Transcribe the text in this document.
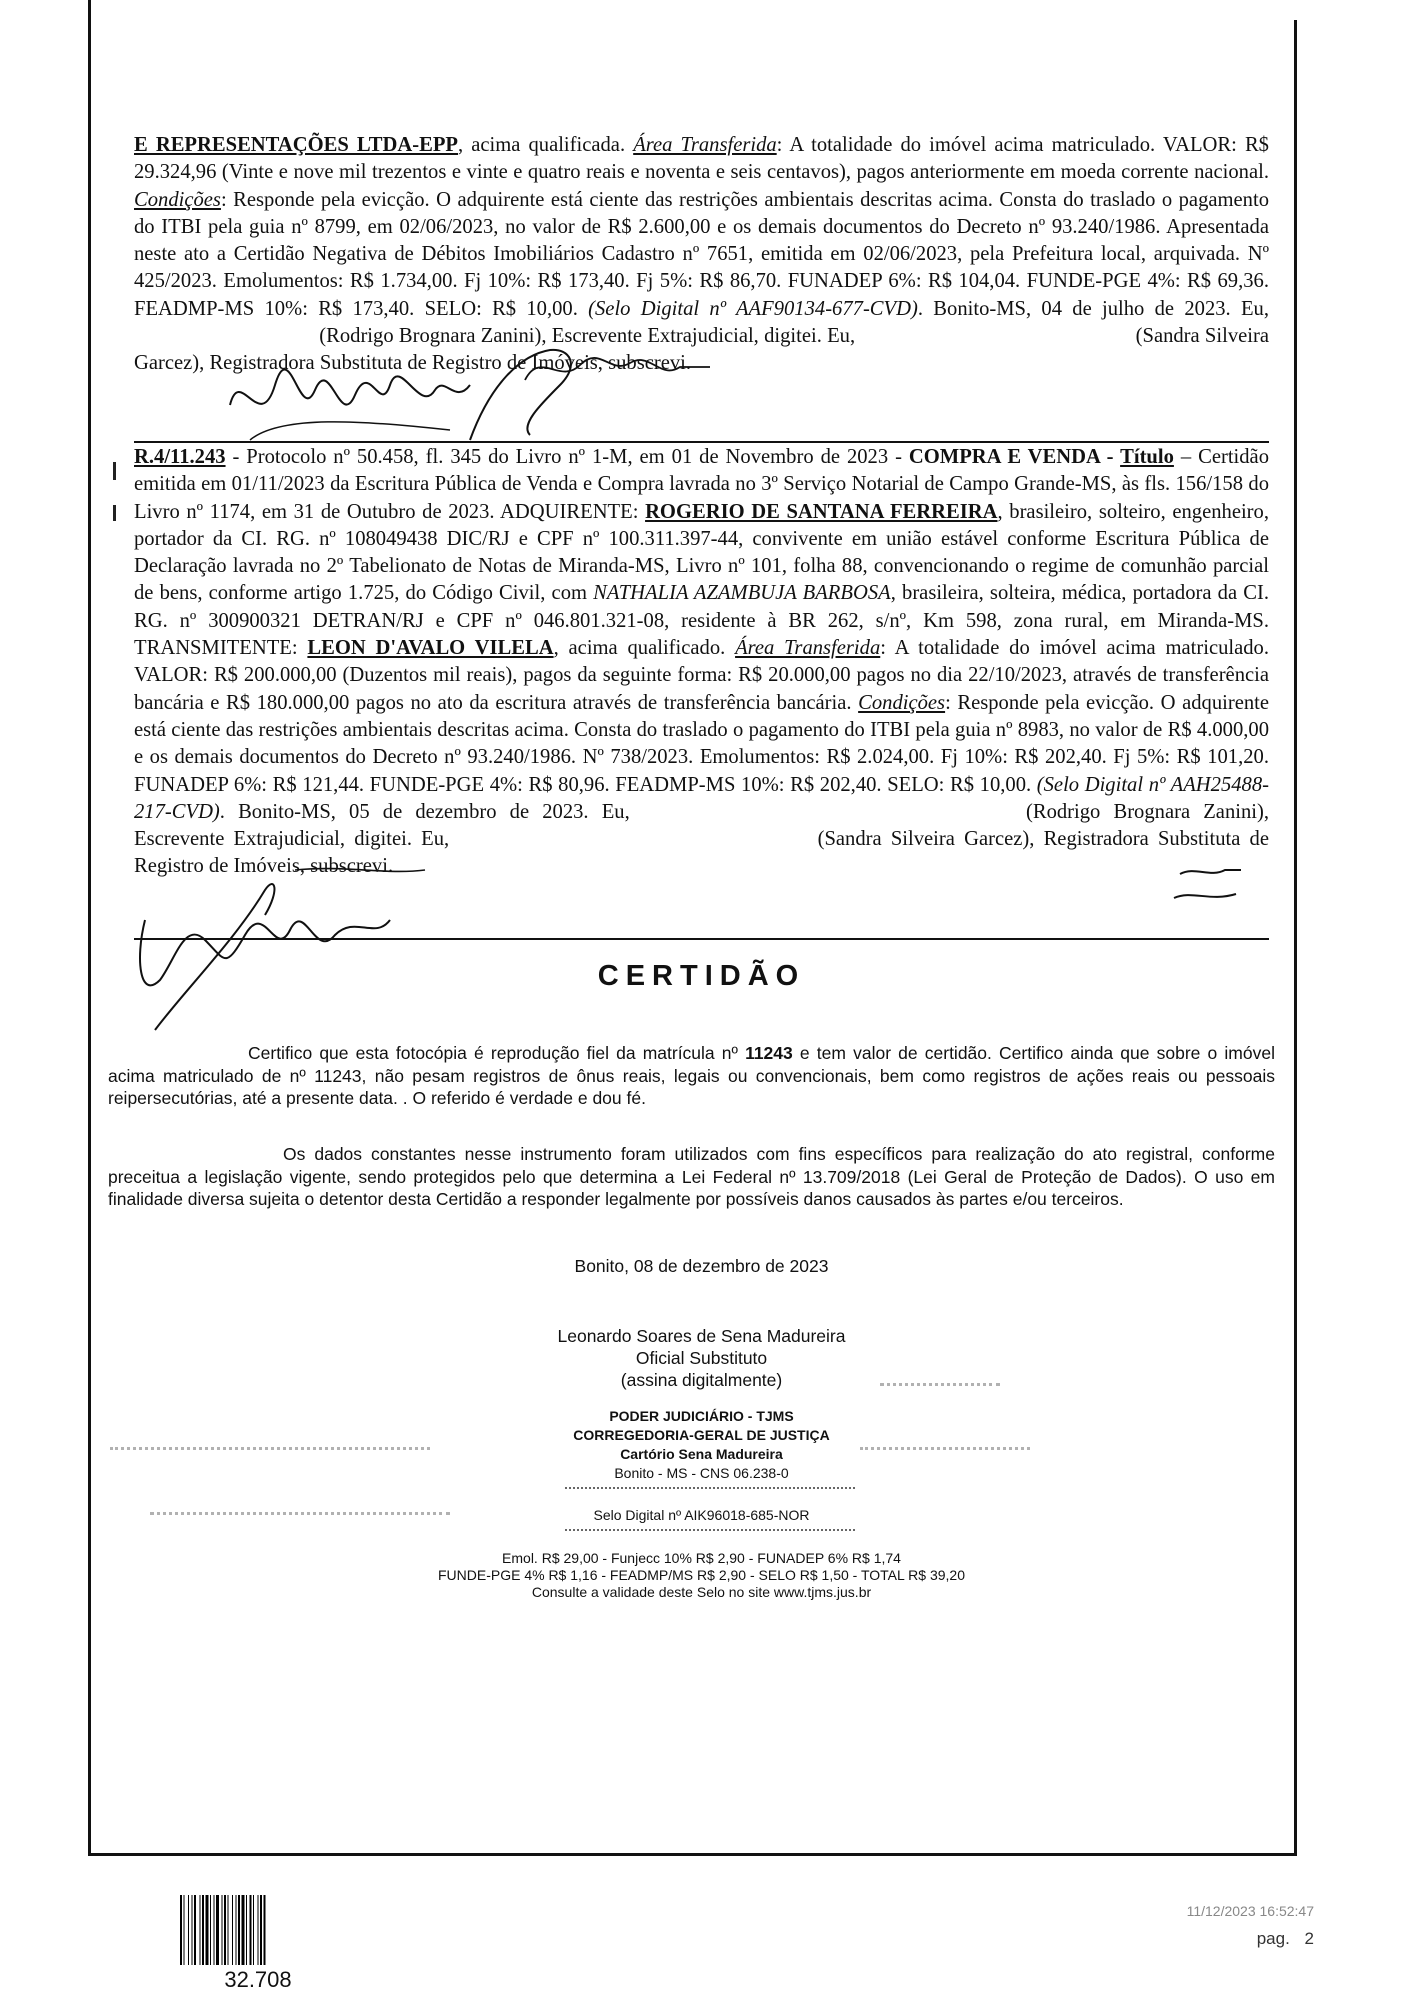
E REPRESENTAÇÕES LTDA-EPP, acima qualificada. Área Transferida: A totalidade do imóvel acima matriculado. VALOR: R$ 29.324,96 (Vinte e nove mil trezentos e vinte e quatro reais e noventa e seis centavos), pagos anteriormente em moeda corrente nacional. Condições: Responde pela evicção. O adquirente está ciente das restrições ambientais descritas acima. Consta do traslado o pagamento do ITBI pela guia nº 8799, em 02/06/2023, no valor de R$ 2.600,00 e os demais documentos do Decreto nº 93.240/1986. Apresentada neste ato a Certidão Negativa de Débitos Imobiliários Cadastro nº 7651, emitida em 02/06/2023, pela Prefeitura local, arquivada. Nº 425/2023. Emolumentos: R$ 1.734,00. Fj 10%: R$ 173,40. Fj 5%: R$ 86,70. FUNADEP 6%: R$ 104,04. FUNDE-PGE 4%: R$ 69,36. FEADMP-MS 10%: R$ 173,40. SELO: R$ 10,00. (Selo Digital nº AAF90134-677-CVD). Bonito-MS, 04 de julho de 2023. Eu,  (Rodrigo Brognara Zanini), Escrevente Extrajudicial, digitei. Eu,	(Sandra Silveira Garcez), Registradora Substituta de Registro de Imóveis, subscrevi.

R.4/11.243 - Protocolo nº 50.458, fl. 345 do Livro nº 1-M, em 01 de Novembro de 2023 - COMPRA E VENDA - Título – Certidão emitida em 01/11/2023 da Escritura Pública de Venda e Compra lavrada no 3º Serviço Notarial de Campo Grande-MS, às fls. 156/158 do Livro nº 1174, em 31 de Outubro de 2023. ADQUIRENTE: ROGERIO DE SANTANA FERREIRA, brasileiro, solteiro, engenheiro, portador da CI. RG. nº 108049438 DIC/RJ e CPF nº 100.311.397-44, convivente em união estável conforme Escritura Pública de Declaração lavrada no 2º Tabelionato de Notas de Miranda-MS, Livro nº 101, folha 88, convencionando o regime de comunhão parcial de bens, conforme artigo 1.725, do Código Civil, com NATHALIA AZAMBUJA BARBOSA, brasileira, solteira, médica, portadora da CI. RG. nº 300900321 DETRAN/RJ e CPF nº 046.801.321-08, residente à BR 262, s/nº, Km 598, zona rural, em Miranda-MS. TRANSMITENTE: LEON D'AVALO VILELA, acima qualificado. Área Transferida: A totalidade do imóvel acima matriculado. VALOR: R$ 200.000,00 (Duzentos mil reais), pagos da seguinte forma: R$ 20.000,00 pagos no dia 22/10/2023, através de transferência bancária e R$ 180.000,00 pagos no ato da escritura através de transferência bancária. Condições: Responde pela evicção. O adquirente está ciente das restrições ambientais descritas acima. Consta do traslado o pagamento do ITBI pela guia nº 8983, no valor de R$ 4.000,00 e os demais documentos do Decreto nº 93.240/1986. Nº 738/2023. Emolumentos: R$ 2.024,00. Fj 10%: R$ 202,40. Fj 5%: R$ 101,20. FUNADEP 6%: R$ 121,44. FUNDE-PGE 4%: R$ 80,96. FEADMP-MS 10%: R$ 202,40. SELO: R$ 10,00. (Selo Digital nº AAH25488-217-CVD). Bonito-MS, 05 de dezembro de 2023. Eu,	(Rodrigo Brognara Zanini), Escrevente Extrajudicial, digitei. Eu,	(Sandra Silveira Garcez), Registradora Substituta de Registro de Imóveis, subscrevi.

CERTIDÃO

Certifico que esta fotocópia é reprodução fiel da matrícula nº 11243 e tem valor de certidão. Certifico ainda que sobre o imóvel acima matriculado de nº 11243, não pesam registros de ônus reais, legais ou convencionais, bem como registros de ações reais ou pessoais reipersecutórias, até a presente data. . O referido é verdade e dou fé.

Os dados constantes nesse instrumento foram utilizados com fins específicos para realização do ato registral, conforme preceitua a legislação vigente, sendo protegidos pelo que determina a Lei Federal nº 13.709/2018 (Lei Geral de Proteção de Dados). O uso em finalidade diversa sujeita o detentor desta Certidão a responder legalmente por possíveis danos causados às partes e/ou terceiros.

Bonito, 08 de dezembro de 2023
Leonardo Soares de Sena Madureira
Oficial Substituto
(assina digitalmente)
PODER JUDICIÁRIO - TJMS
CORREGEDORIA-GERAL DE JUSTIÇA
Cartório Sena Madureira
Bonito - MS - CNS 06.238-0
Selo Digital nº AIK96018-685-NOR
Emol. R$ 29,00 - Funjecc 10% R$ 2,90 - FUNADEP 6% R$ 1,74
FUNDE-PGE 4% R$ 1,16 - FEADMP/MS R$ 2,90 - SELO R$ 1,50 - TOTAL R$ 39,20
Consulte a validade deste Selo no site www.tjms.jus.br
32.708
11/12/2023 16:52:47
pag. 2
